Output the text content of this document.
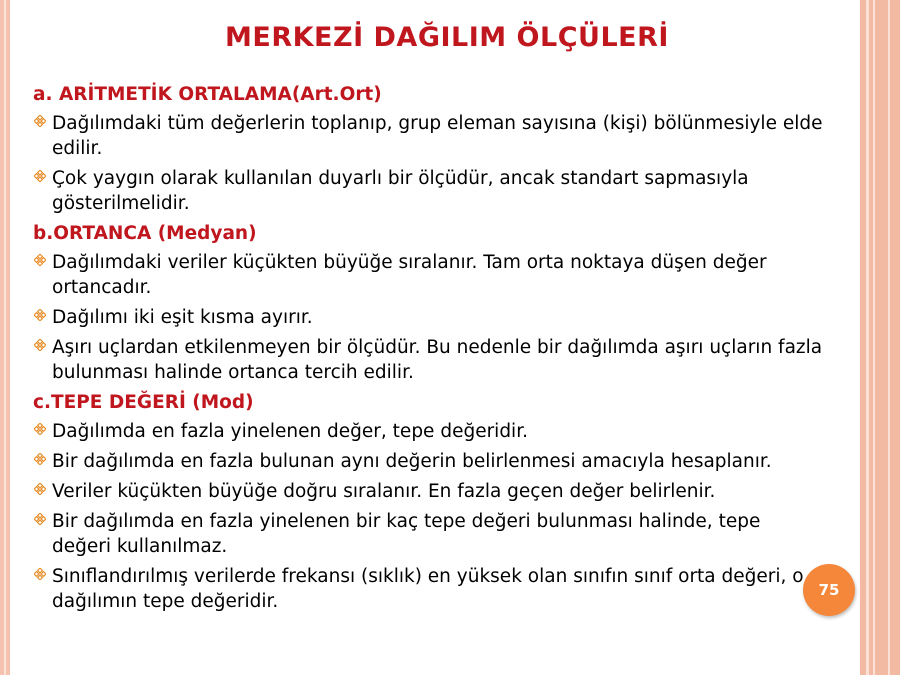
MERKEZİ DAĞILIM ÖLÇÜLERİ
a. ARİTMETİK ORTALAMA(Art.Ort)
Dağılımdaki tüm değerlerin toplanıp, grup eleman sayısına (kişi) bölünmesiyle elde edilir.
Çok yaygın olarak kullanılan duyarlı bir ölçüdür, ancak standart sapmasıyla gösterilmelidir.
b.ORTANCA (Medyan)
Dağılımdaki veriler küçükten büyüğe sıralanır. Tam orta noktaya düşen değer ortancadır.
Dağılımı iki eşit kısma ayırır.
Aşırı uçlardan etkilenmeyen bir ölçüdür. Bu nedenle bir dağılımda aşırı uçların fazla bulunması halinde ortanca tercih edilir.
c.TEPE DEĞERİ (Mod)
Dağılımda en fazla yinelenen değer, tepe değeridir.
Bir dağılımda en fazla bulunan aynı değerin belirlenmesi amacıyla hesaplanır.
Veriler küçükten büyüğe doğru sıralanır. En fazla geçen değer belirlenir.
Bir dağılımda en fazla yinelenen bir kaç tepe değeri bulunması halinde, tepe değeri kullanılmaz.
Sınıflandırılmış verilerde frekansı (sıklık) en yüksek olan sınıfın sınıf orta değeri, o dağılımın tepe değeridir.
75
